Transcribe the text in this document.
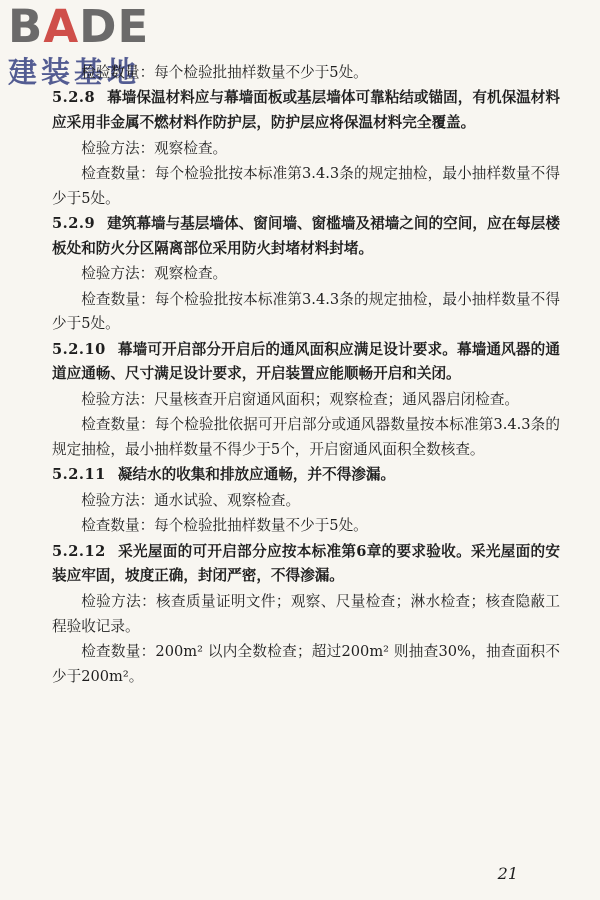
BADE
建装基地

检验数量：每个检验批抽样数量不少于5处。

5.2.8 幕墙保温材料应与幕墙面板或基层墙体可靠粘结或锚固，有机保温材料应采用非金属不燃材料作防护层，防护层应将保温材料完全覆盖。

检验方法：观察检查。

检查数量：每个检验批按本标准第3.4.3条的规定抽检，最小抽样数量不得少于5处。

5.2.9 建筑幕墙与基层墙体、窗间墙、窗槛墙及裙墙之间的空间，应在每层楼板处和防火分区隔离部位采用防火封堵材料封堵。

检验方法：观察检查。

检查数量：每个检验批按本标准第3.4.3条的规定抽检，最小抽样数量不得少于5处。

5.2.10 幕墙可开启部分开启后的通风面积应满足设计要求。幕墙通风器的通道应通畅、尺寸满足设计要求，开启装置应能顺畅开启和关闭。

检验方法：尺量核查开启窗通风面积；观察检查；通风器启闭检查。

检查数量：每个检验批依据可开启部分或通风器数量按本标准第3.4.3条的规定抽检，最小抽样数量不得少于5个，开启窗通风面积全数核查。

5.2.11 凝结水的收集和排放应通畅，并不得渗漏。

检验方法：通水试验、观察检查。

检查数量：每个检验批抽样数量不少于5处。

5.2.12 采光屋面的可开启部分应按本标准第6章的要求验收。采光屋面的安装应牢固，坡度正确，封闭严密，不得渗漏。

检验方法：核查质量证明文件；观察、尺量检查；淋水检查；核查隐蔽工程验收记录。

检查数量：200m² 以内全数检查；超过200m² 则抽查30%，抽查面积不少于200m²。

21
